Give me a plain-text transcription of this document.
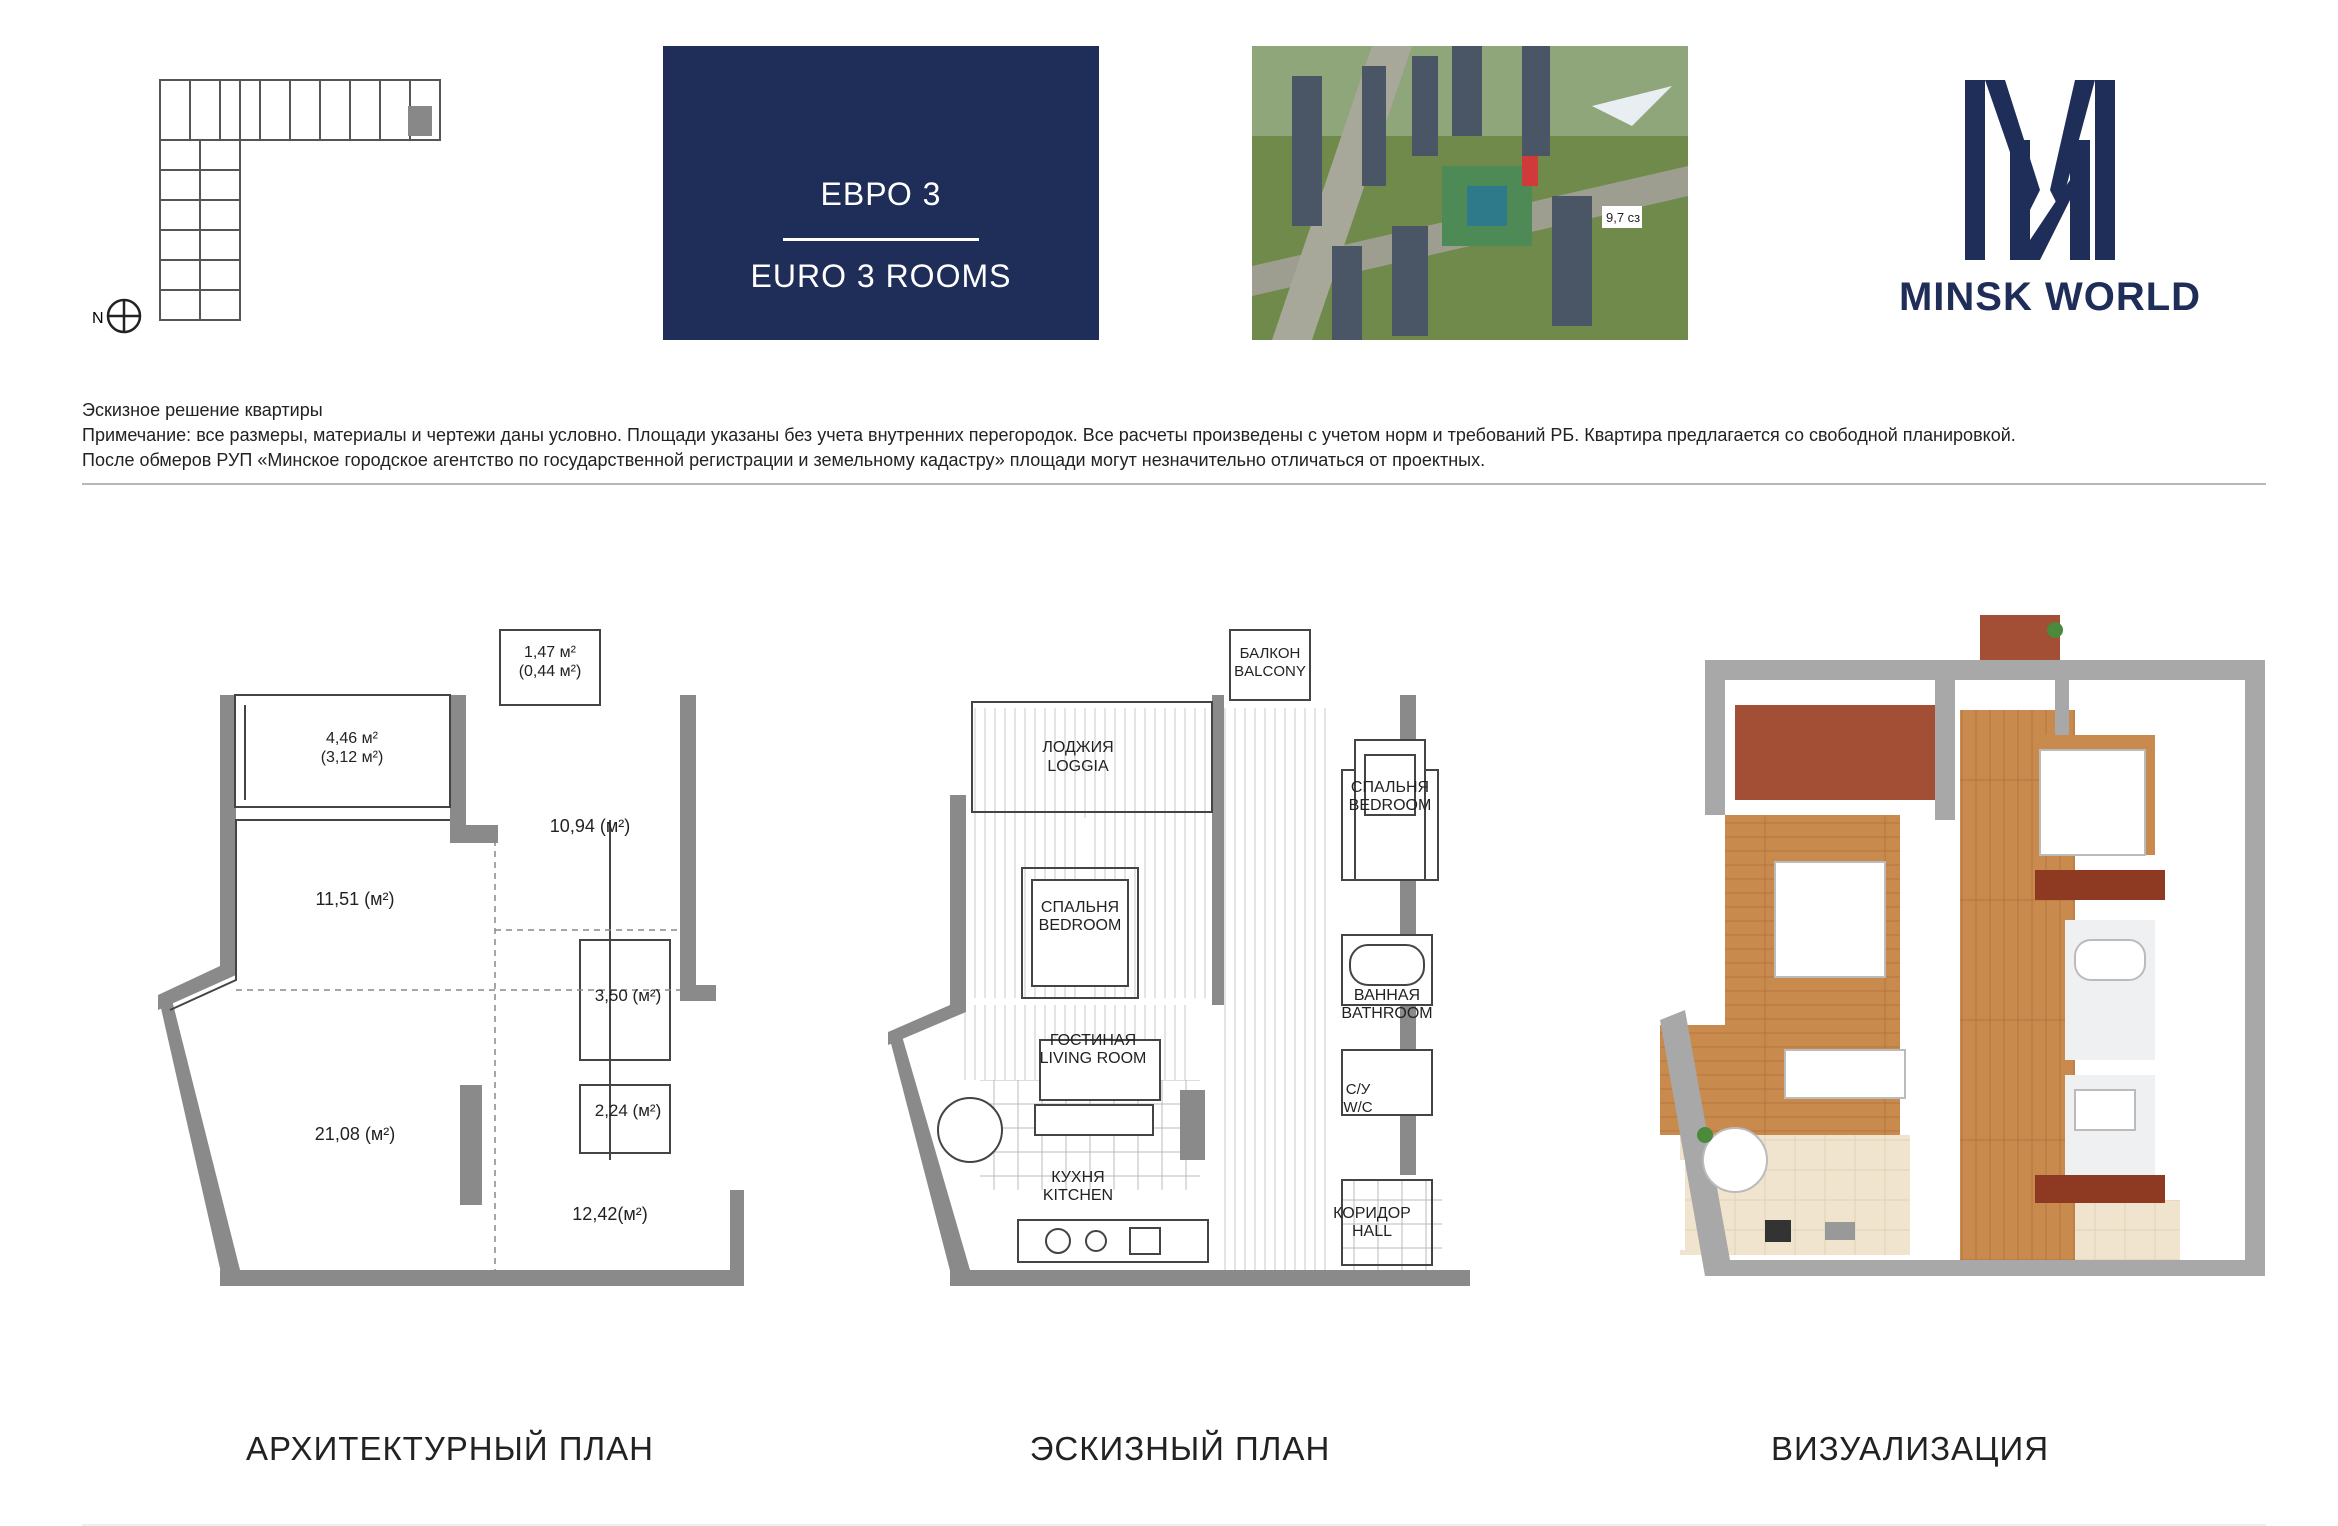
N
ЕВРО 3
EURO 3 ROOMS
9,7 сз
MINSK WORLD
Эскизное решение квартиры
Примечание: все размеры, материалы и чертежи даны условно. Площади указаны без учета внутренних перегородок. Все расчеты произведены с учетом норм и требований РБ. Квартира предлагается со свободной планировкой.
После обмеров РУП «Минское городское агентство по государственной регистрации и земельному кадастру» площади могут незначительно отличаться от проектных.
4,46 м²
(3,12 м²)
1,47 м²
(0,44 м²)
11,51 (м²)
10,94 (м²)
3,50 (м²)
2,24 (м²)
21,08 (м²)
12,42(м²)
БАЛКОН
BALCONY
ЛОДЖИЯ
LOGGIA
СПАЛЬНЯ
BEDROOM
СПАЛЬНЯ
BEDROOM
ВАННАЯ
BATHROOM
ГОСТИНАЯ
LIVING ROOM
С/У
W/C
КУХНЯ
KITCHEN
КОРИДОР
HALL
АРХИТЕКТУРНЫЙ ПЛАН	ЭСКИЗНЫЙ ПЛАН	ВИЗУАЛИЗАЦИЯ
